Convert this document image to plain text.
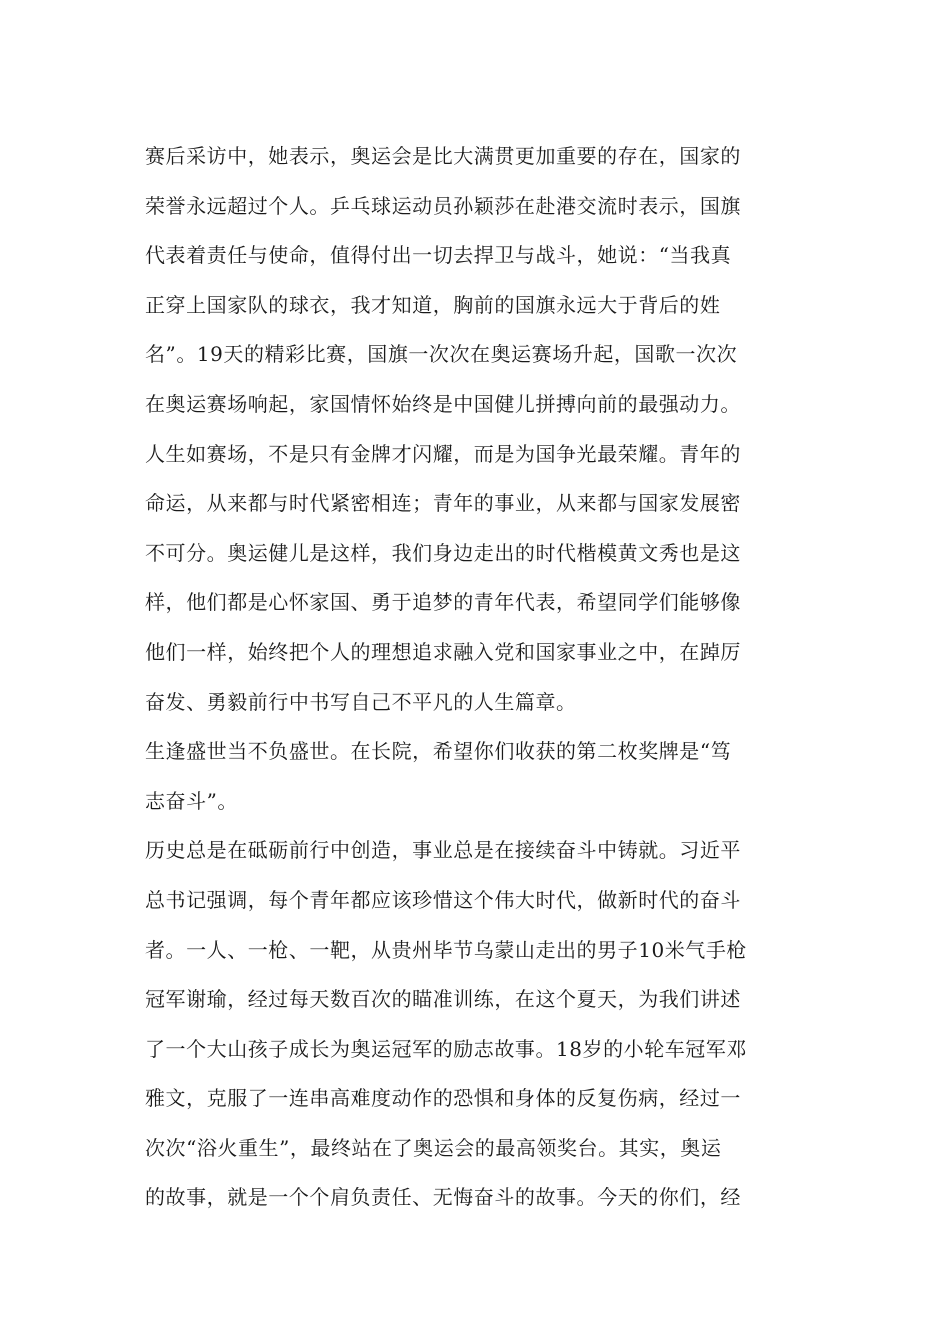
赛后采访中，她表示，奥运会是比大满贯更加重要的存在，国家的
荣誉永远超过个人。乒乓球运动员孙颖莎在赴港交流时表示，国旗
代表着责任与使命，值得付出一切去捍卫与战斗，她说：“当我真
正穿上国家队的球衣，我才知道，胸前的国旗永远大于背后的姓
名”。19天的精彩比赛，国旗一次次在奥运赛场升起，国歌一次次
在奥运赛场响起，家国情怀始终是中国健儿拼搏向前的最强动力。
人生如赛场，不是只有金牌才闪耀，而是为国争光最荣耀。青年的
命运，从来都与时代紧密相连；青年的事业，从来都与国家发展密
不可分。奥运健儿是这样，我们身边走出的时代楷模黄文秀也是这
样，他们都是心怀家国、勇于追梦的青年代表，希望同学们能够像
他们一样，始终把个人的理想追求融入党和国家事业之中，在踔厉
奋发、勇毅前行中书写自己不平凡的人生篇章。
生逢盛世当不负盛世。在长院，希望你们收获的第二枚奖牌是“笃
志奋斗”。
历史总是在砥砺前行中创造，事业总是在接续奋斗中铸就。习近平
总书记强调，每个青年都应该珍惜这个伟大时代，做新时代的奋斗
者。一人、一枪、一靶，从贵州毕节乌蒙山走出的男子10米气手枪
冠军谢瑜，经过每天数百次的瞄准训练，在这个夏天，为我们讲述
了一个大山孩子成长为奥运冠军的励志故事。18岁的小轮车冠军邓
雅文，克服了一连串高难度动作的恐惧和身体的反复伤病，经过一
次次“浴火重生”，最终站在了奥运会的最高领奖台。其实，奥运
的故事，就是一个个肩负责任、无悔奋斗的故事。今天的你们，经
